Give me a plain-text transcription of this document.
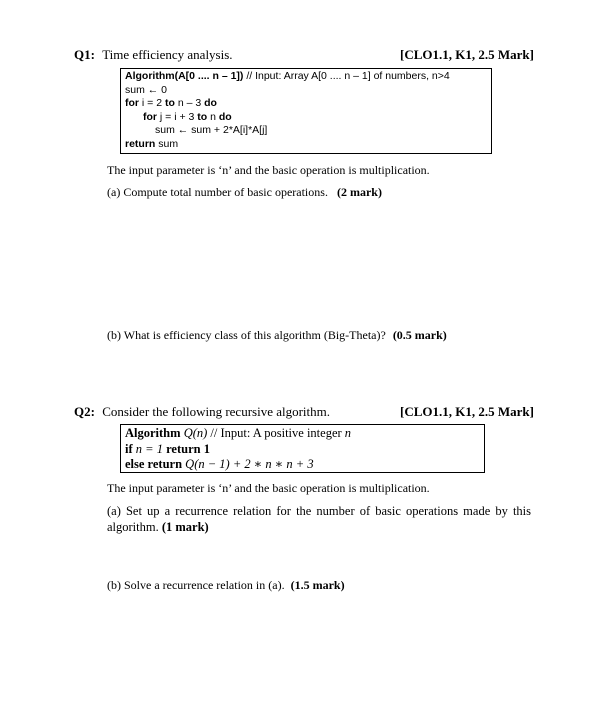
Q1: Time efficiency analysis.	[CLO1.1, K1, 2.5 Mark]
Algorithm(A[0 .... n – 1]) // Input: Array A[0 .... n – 1] of numbers, n>4
sum ← 0
for i = 2 to n – 3 do
for j = i + 3 to n do
sum ← sum + 2*A[i]*A[j]
return sum
The input parameter is ‘n’ and the basic operation is multiplication.
(a) Compute total number of basic operations. (2 mark)
(b) What is efficiency class of this algorithm (Big-Theta)? (0.5 mark)
Q2: Consider the following recursive algorithm.	[CLO1.1, K1, 2.5 Mark]
Algorithm Q(n) // Input: A positive integer n
if n = 1 return 1
else return Q(n − 1) + 2 ∗ n ∗ n + 3
The input parameter is ‘n’ and the basic operation is multiplication.
(a) Set up a recurrence relation for the number of basic operations made by this algorithm. (1 mark)
(b) Solve a recurrence relation in (a). (1.5 mark)
